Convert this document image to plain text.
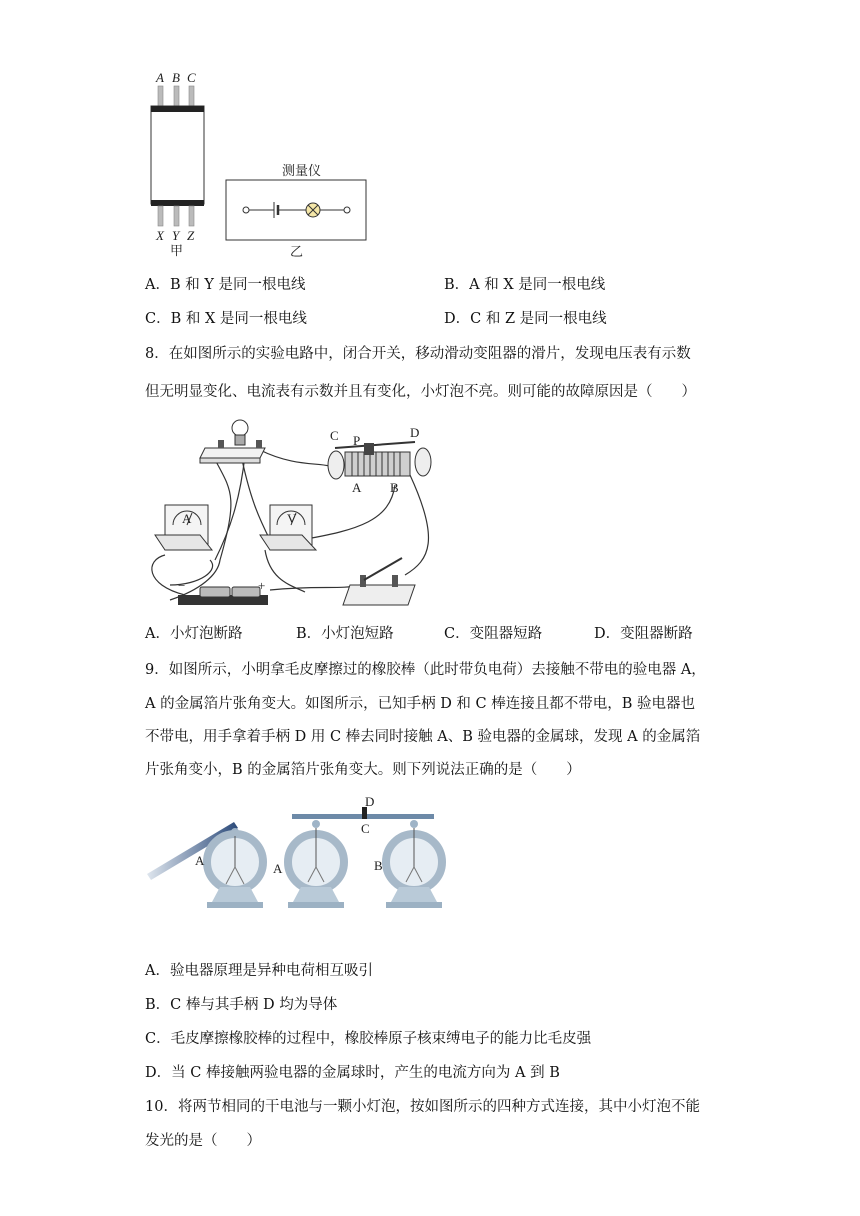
A B C
X Y Z
甲
测量仪
乙
A．B 和 Y 是同一根电线	B．A 和 X 是同一根电线
C．B 和 X 是同一根电线	D．C 和 Z 是同一根电线
8．在如图所示的实验电路中，闭合开关，移动滑动变阻器的滑片，发现电压表有示数
但无明显变化、电流表有示数并且有变化，小灯泡不亮。则可能的故障原因是（　　）
C P
D
A B
A	V
−	+
A．小灯泡断路	B．小灯泡短路	C．变阻器短路	D．变阻器断路
9．如图所示，小明拿毛皮摩擦过的橡胶棒（此时带负电荷）去接触不带电的验电器 A，
A 的金属箔片张角变大。如图所示，已知手柄 D 和 C 棒连接且都不带电，B 验电器也
不带电，用手拿着手柄 D 用 C 棒去同时接触 A、B 验电器的金属球，发现 A 的金属箔
片张角变小，B 的金属箔片张角变大。则下列说法正确的是（　　）
D
C
A
A	B
A．验电器原理是异种电荷相互吸引
B．C 棒与其手柄 D 均为导体
C．毛皮摩擦橡胶棒的过程中，橡胶棒原子核束缚电子的能力比毛皮强
D．当 C 棒接触两验电器的金属球时，产生的电流方向为 A 到 B
10．将两节相同的干电池与一颗小灯泡，按如图所示的四种方式连接，其中小灯泡不能
发光的是（　　）
